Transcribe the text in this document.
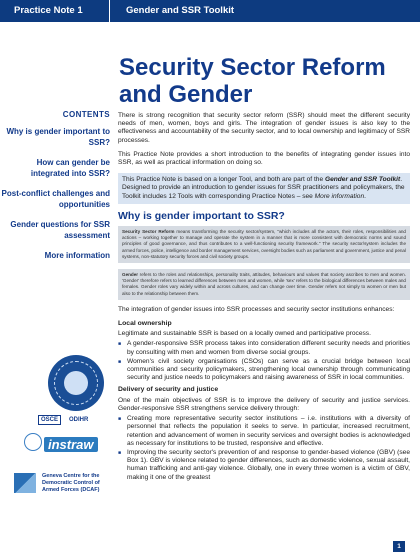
Practice Note 1	Gender and SSR Toolkit
Security Sector Reform
and Gender
CONTENTS
Why is gender important to SSR?
How can gender be integrated into SSR?
Post-conflict challenges and opportunities
Gender questions for SSR assessment
More information
OSCE	ODIHR
instraw
Geneva Centre for the Democratic Control of Armed Forces (DCAF)

There is strong recognition that security sector reform (SSR) should meet the different security needs of men, women, boys and girls. The integration of gender issues is also key to the effectiveness and accountability of the security sector, and to local ownership and legitimacy of SSR processes.

This Practice Note provides a short introduction to the benefits of integrating gender issues into SSR, as well as practical information on doing so.

This Practice Note is based on a longer Tool, and both are part of the Gender and SSR Toolkit. Designed to provide an introduction to gender issues for SSR practitioners and policymakers, the Toolkit includes 12 Tools with corresponding Practice Notes – see More information.
Why is gender important to SSR?
Security Sector Reform means transforming the security sector/system, "which includes all the actors, their roles, responsibilities and actions – working together to manage and operate the system in a manner that is more consistent with democratic norms and sound principles of good governance, and thus contributes to a well-functioning security framework." The security sector/system includes the armed forces, police, intelligence and border management services, oversight bodies such as parliament and government, justice and penal systems, non-statutory security forces and civil society groups.
Gender refers to the roles and relationships, personality traits, attitudes, behaviours and values that society ascribes to men and women. 'Gender' therefore refers to learned differences between men and women, while 'sex' refers to the biological differences between males and females. Gender roles vary widely within and across cultures, and can change over time. Gender refers not simply to women or men but also to the relationship between them.

The integration of gender issues into SSR processes and security sector institutions enhances:

Local ownership

Legitimate and sustainable SSR is based on a locally owned and participative process.

■ A gender-responsive SSR process takes into consideration different security needs and priorities by consulting with men and women from diverse social groups.
■ Women's civil society organisations (CSOs) can serve as a crucial bridge between local communities and security policymakers, strengthening local ownership through communicating security and justice needs to policymakers and raising awareness of SSR in local communities.
Delivery of security and justice

One of the main objectives of SSR is to improve the delivery of security and justice services. Gender-responsive SSR strengthens service delivery through:

■ Creating more representative security sector institutions – i.e. institutions with a diversity of personnel that reflects the population it seeks to serve. In particular, increased recruitment, retention and advancement of women in security services and oversight bodies is acknowledged as necessary for institutions to be trusted, responsive and effective.
■ Improving the security sector's prevention of and response to gender-based violence (GBV) (see Box 1). GBV is violence related to gender differences, such as domestic violence, sexual assault, human trafficking and anti-gay violence. Globally, one in every three women is a victim of GBV, making it one of the greatest
1
